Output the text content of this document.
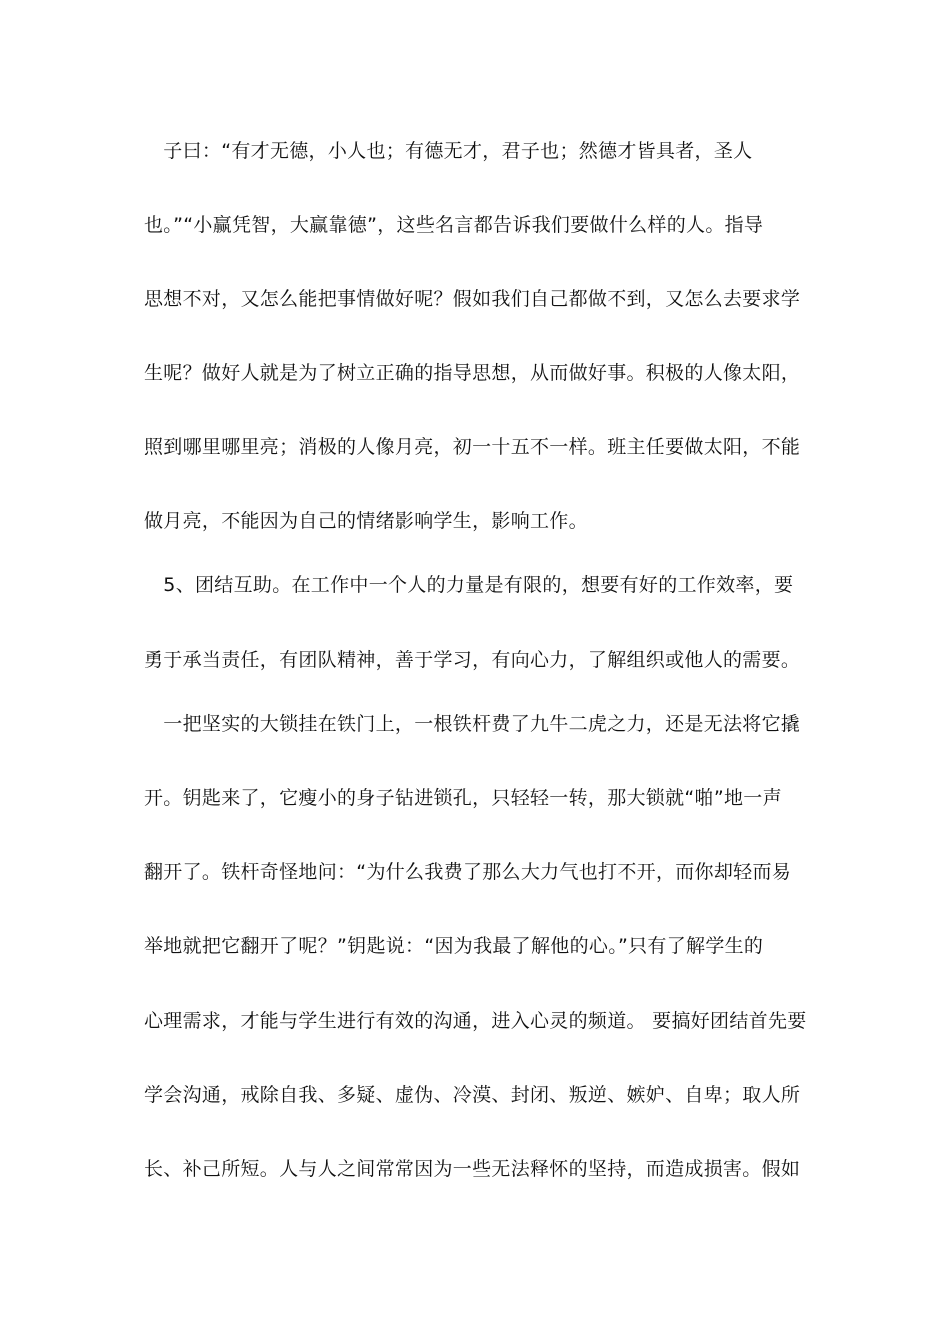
　子曰：“有才无德，小人也；有德无才，君子也；然德才皆具者，圣人
也。”“小赢凭智，大赢靠德”，这些名言都告诉我们要做什么样的人。指导
思想不对，又怎么能把事情做好呢？假如我们自己都做不到，又怎么去要求学
生呢？做好人就是为了树立正确的指导思想，从而做好事。积极的人像太阳，
照到哪里哪里亮；消极的人像月亮，初一十五不一样。班主任要做太阳，不能
做月亮，不能因为自己的情绪影响学生，影响工作。
　5、团结互助。在工作中一个人的力量是有限的，想要有好的工作效率，要
勇于承当责任，有团队精神，善于学习，有向心力，了解组织或他人的需要。
　一把坚实的大锁挂在铁门上，一根铁杆费了九牛二虎之力，还是无法将它撬
开。钥匙来了，它瘦小的身子钻进锁孔，只轻轻一转，那大锁就“啪”地一声
翻开了。铁杆奇怪地问：“为什么我费了那么大力气也打不开，而你却轻而易
举地就把它翻开了呢？”钥匙说：“因为我最了解他的心。”只有了解学生的
心理需求，才能与学生进行有效的沟通，进入心灵的频道。 要搞好团结首先要
学会沟通，戒除自我、多疑、虚伪、冷漠、封闭、叛逆、嫉妒、自卑；取人所
长、补己所短。人与人之间常常因为一些无法释怀的坚持，而造成损害。假如
